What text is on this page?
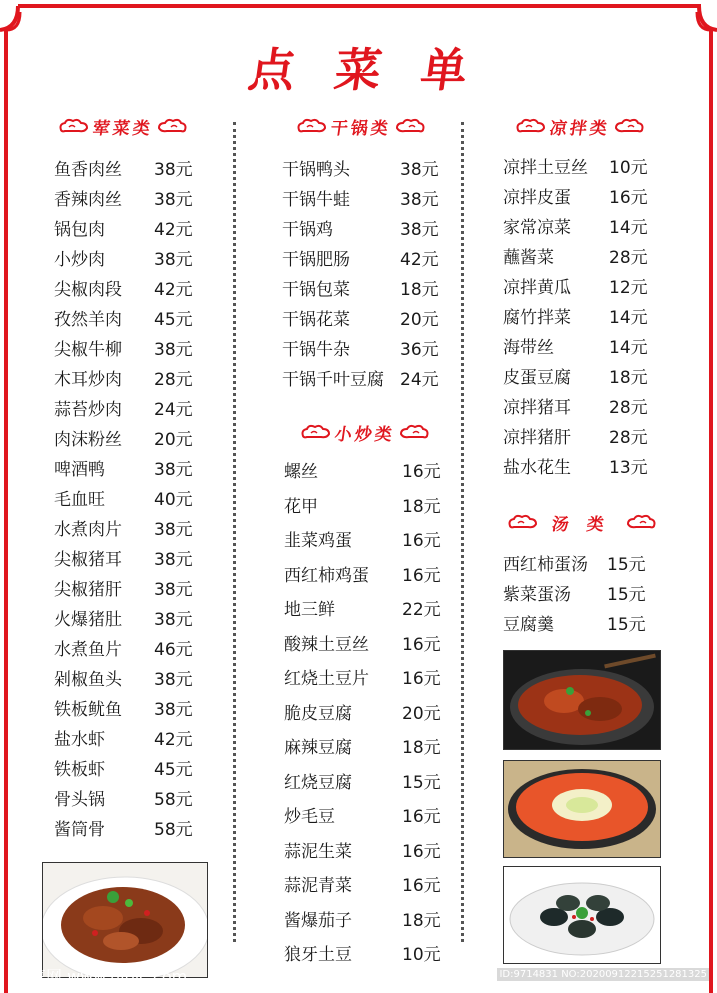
点菜单
荤菜类
鱼香肉丝 38元
香辣肉丝 38元
锅包肉	42元
小炒肉	38元
尖椒肉段 42元
孜然羊肉 45元
尖椒牛柳 38元
木耳炒肉 28元
蒜苔炒肉 24元
肉沫粉丝 20元
啤酒鸭	38元
毛血旺	40元
水煮肉片 38元
尖椒猪耳 38元
尖椒猪肝 38元
火爆猪肚 38元
水煮鱼片 46元
剁椒鱼头 38元
铁板鱿鱼 38元
盐水虾	42元
铁板虾	45元
骨头锅	58元
酱筒骨	58元
干锅类
干锅鸭头	38元
干锅牛蛙	38元
干锅鸡	38元
干锅肥肠	42元
干锅包菜	18元
干锅花菜	20元
干锅牛杂	36元
干锅千叶豆腐 24元
小炒类
螺丝	16元
花甲	18元
韭菜鸡蛋	16元
西红柿鸡蛋 16元
地三鲜	22元
酸辣土豆丝 16元
红烧土豆片 16元
脆皮豆腐	20元
麻辣豆腐	18元
红烧豆腐	15元
炒毛豆	16元
蒜泥生菜	16元
蒜泥青菜	16元
酱爆茄子	18元
狼牙土豆	10元
凉拌类
凉拌土豆丝 10元
凉拌皮蛋 16元
家常凉菜 14元
蘸酱菜	28元
凉拌黄瓜 12元
腐竹拌菜 14元
海带丝	14元
皮蛋豆腐 18元
凉拌猪耳 28元
凉拌猪肝 28元
盐水花生 13元
汤类
西红柿蛋汤 15元
紫菜蛋汤 15元
豆腐羹	15元
昵享网 www.nipic.com	ID:9714831 NO:20200912215251281325
